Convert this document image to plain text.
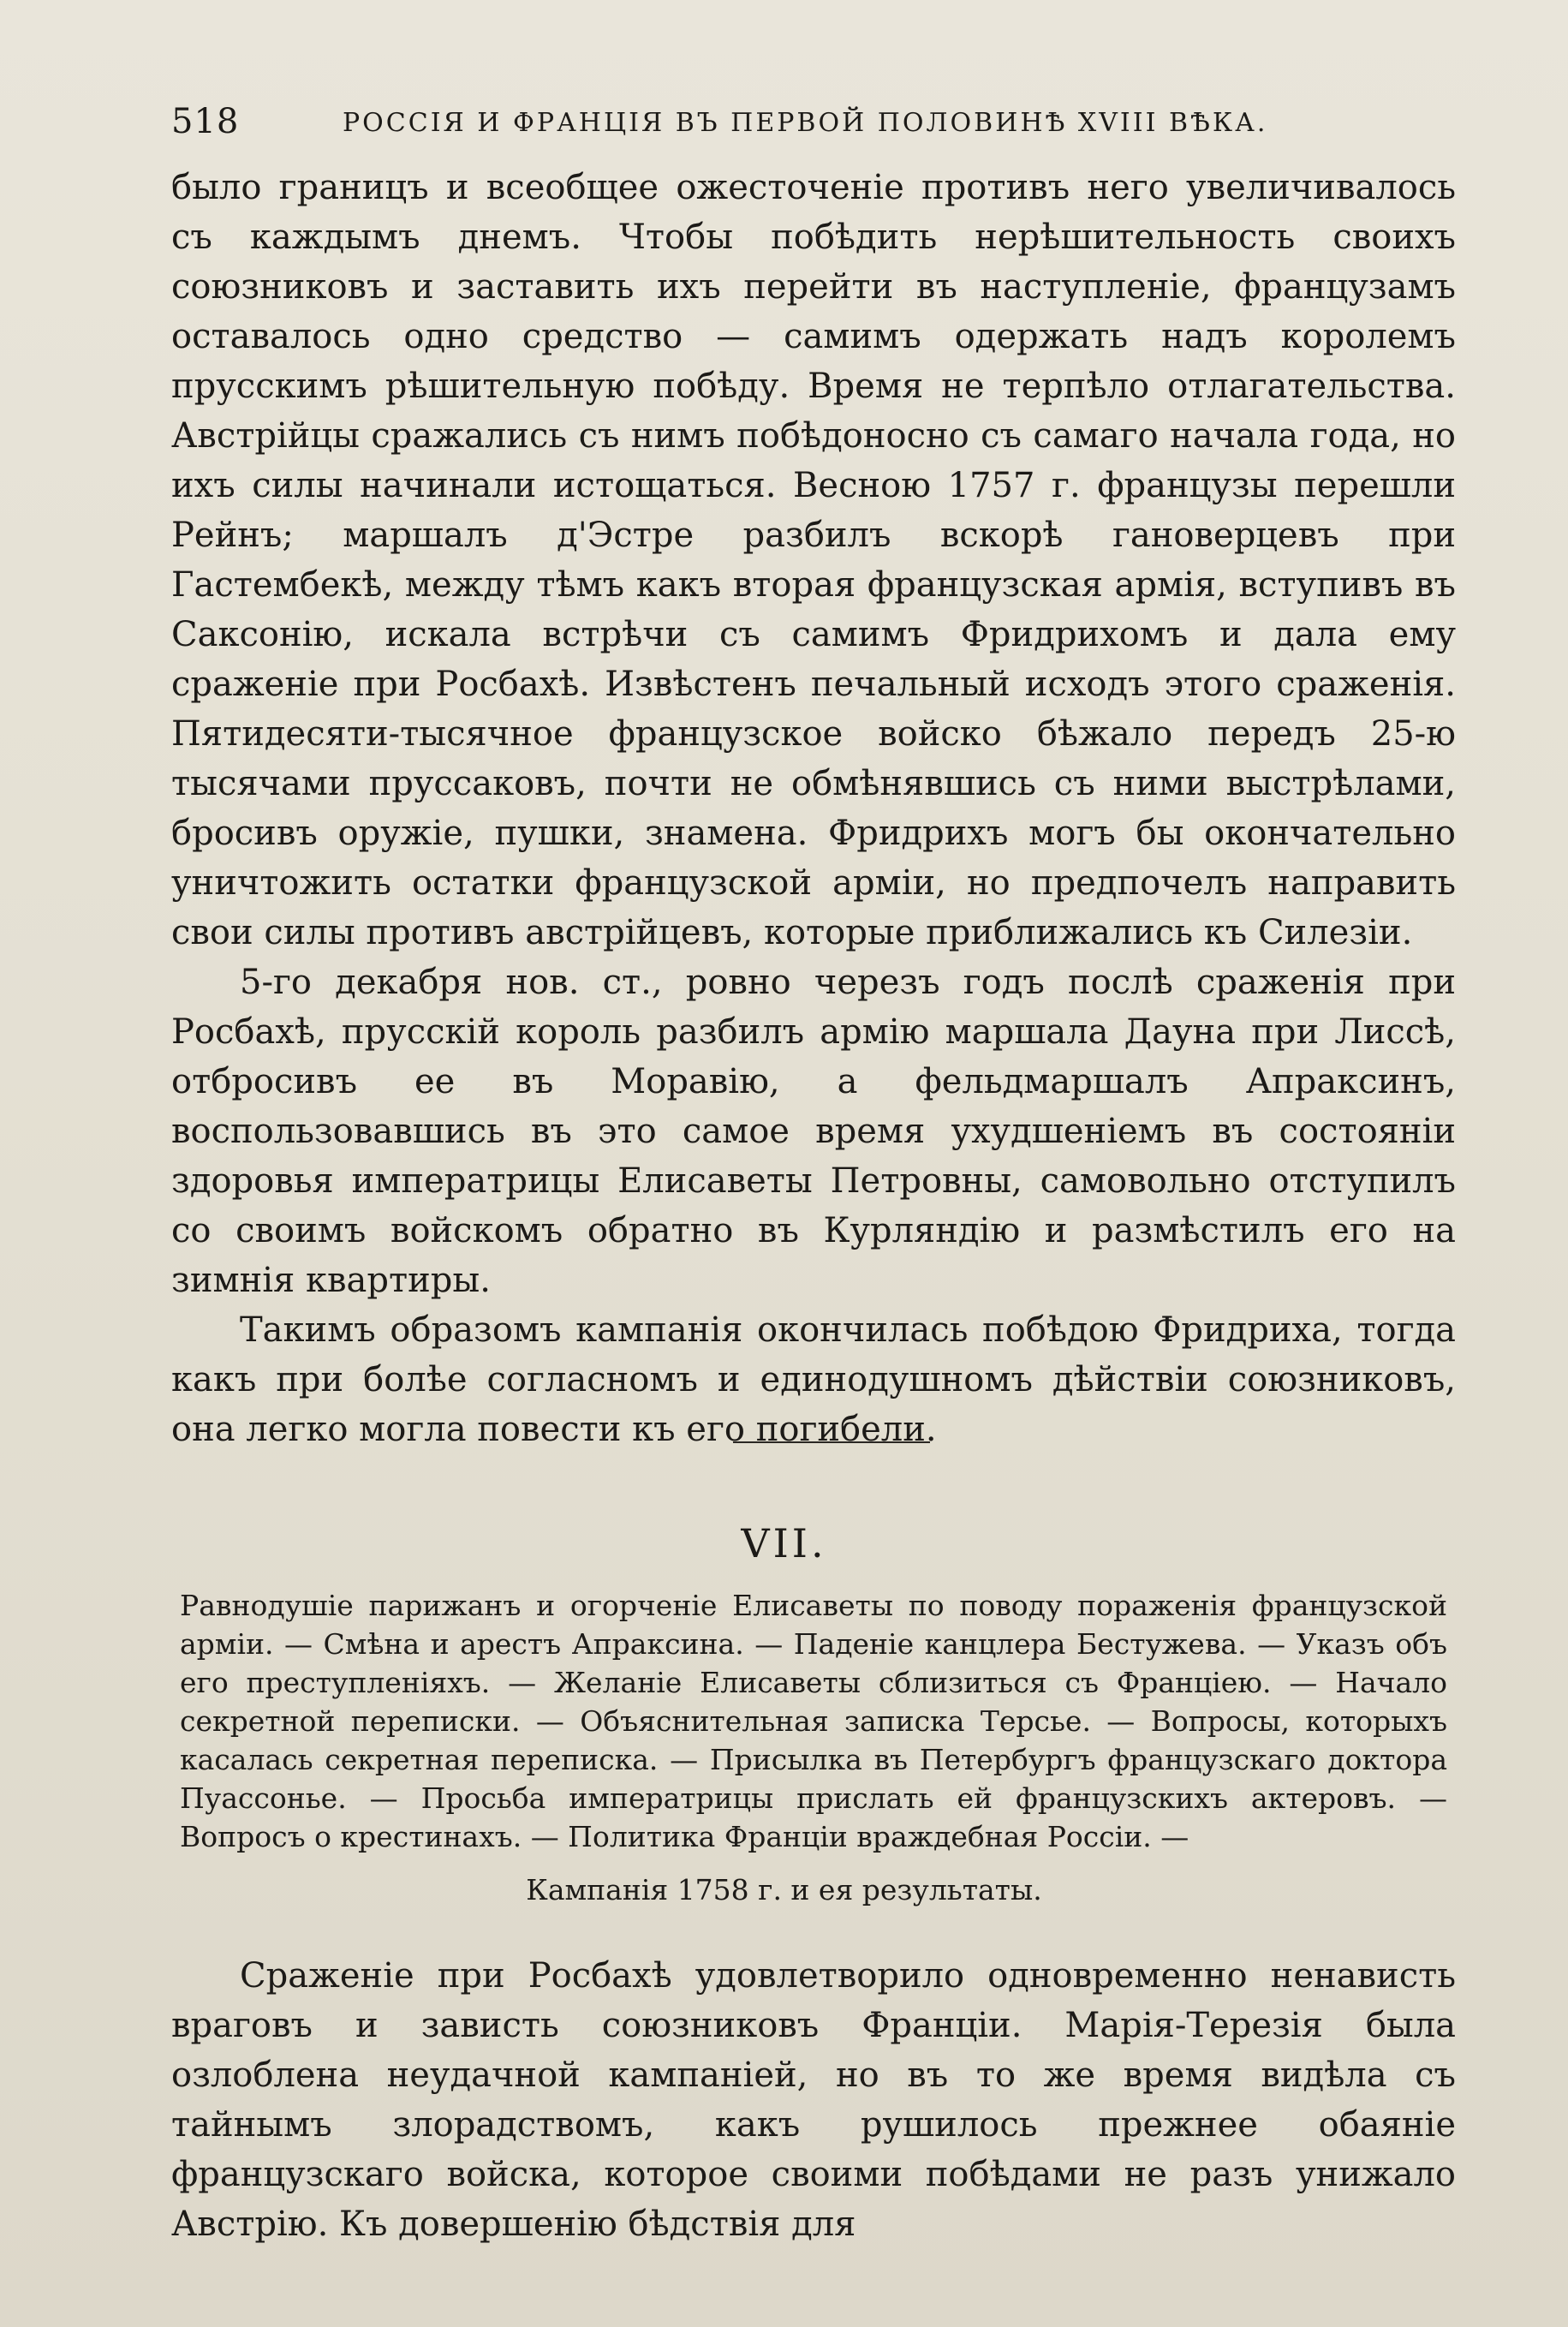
518	РОССІЯ И ФРАНЦІЯ ВЪ ПЕРВОЙ ПОЛОВИНѢ XVIII ВѢКА.

было границъ и всеобщее ожесточеніе противъ него увеличивалось съ каждымъ днемъ. Чтобы побѣдить нерѣшительность своихъ союзниковъ и заставить ихъ перейти въ наступленіе, французамъ оставалось одно средство — самимъ одержать надъ королемъ прусскимъ рѣшительную побѣду. Время не терпѣло отлагательства. Австрійцы сражались съ нимъ побѣдоносно съ самаго начала года, но ихъ силы начинали истощаться. Весною 1757 г. французы перешли Рейнъ; маршалъ д'Эстре разбилъ вскорѣ гановерцевъ при Гастембекѣ, между тѣмъ какъ вторая французская армія, вступивъ въ Саксонію, искала встрѣчи съ самимъ Фридрихомъ и дала ему сраженіе при Росбахѣ. Извѣстенъ печальный исходъ этого сраженія. Пятидесяти-тысячное французское войско бѣжало передъ 25-ю тысячами пруссаковъ, почти не обмѣнявшись съ ними выстрѣлами, бросивъ оружіе, пушки, знамена. Фридрихъ могъ бы окончательно уничтожить остатки французской арміи, но предпочелъ направить свои силы противъ австрійцевъ, которые приближались къ Силезіи.

5-го декабря нов. ст., ровно черезъ годъ послѣ сраженія при Росбахѣ, прусскій король разбилъ армію маршала Дауна при Лиссѣ, отбросивъ ее въ Моравію, а фельдмаршалъ Апраксинъ, воспользовавшись въ это самое время ухудшеніемъ въ состояніи здоровья императрицы Елисаветы Петровны, самовольно отступилъ со своимъ войскомъ обратно въ Курляндію и размѣстилъ его на зимнія квартиры.

Такимъ образомъ кампанія окончилась побѣдою Фридриха, тогда какъ при болѣе согласномъ и единодушномъ дѣйствіи союзниковъ, она легко могла повести къ его погибели.

VII.
Равнодушіе парижанъ и огорченіе Елисаветы по поводу пораженія французской арміи. — Смѣна и арестъ Апраксина. — Паденіе канцлера Бестужева. — Указъ объ его преступленіяхъ. — Желаніе Елисаветы сблизиться съ Франціею. — Начало секретной переписки. — Объяснительная записка Терсье. — Вопросы, которыхъ касалась секретная переписка. — Присылка въ Петербургъ французскаго доктора Пуассонье. — Просьба императрицы прислать ей французскихъ актеровъ. — Вопросъ о крестинахъ. — Политика Франціи враждебная Россіи. —
Кампанія 1758 г. и ея результаты.

Сраженіе при Росбахѣ удовлетворило одновременно ненависть враговъ и зависть союзниковъ Франціи. Марія-Терезія была озлоблена неудачной кампаніей, но въ то же время видѣла съ тайнымъ злорадствомъ, какъ рушилось прежнее обаяніе французскаго войска, которое своими побѣдами не разъ унижало Австрію. Къ довершенію бѣдствія для
